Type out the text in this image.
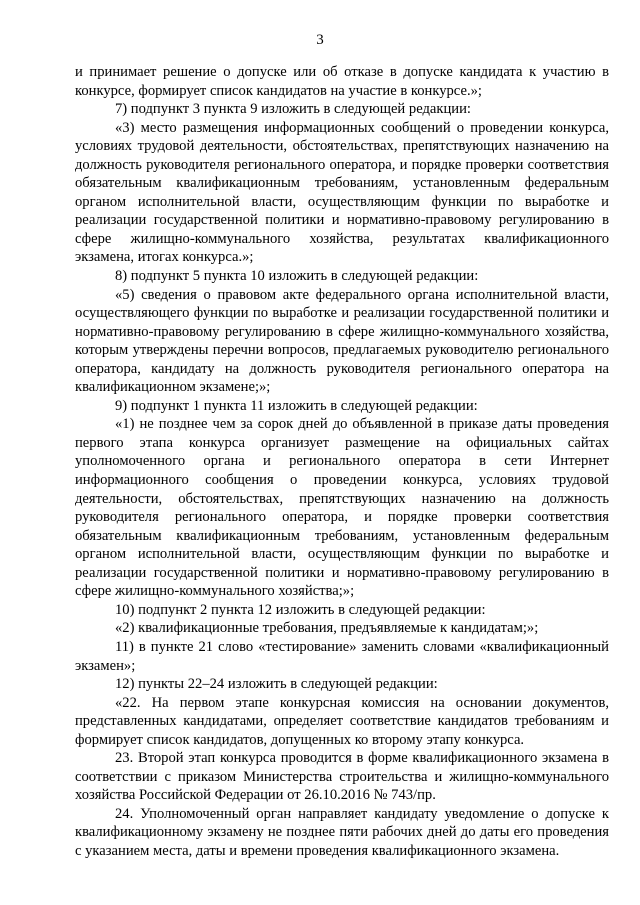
3

и принимает решение о допуске или об отказе в допуске кандидата к участию в конкурсе, формирует список кандидатов на участие в конкурсе.»;

7) подпункт 3 пункта 9 изложить в следующей редакции:

«3) место размещения информационных сообщений о проведении конкурса, условиях трудовой деятельности, обстоятельствах, препятствующих назначению на должность руководителя регионального оператора, и порядке проверки соответствия обязательным квалификационным требованиям, установленным федеральным органом исполнительной власти, осуществляющим функции по выработке и реализации государственной политики и нормативно-правовому регулированию в сфере жилищно-коммунального хозяйства, результатах квалификационного экзамена, итогах конкурса.»;

8) подпункт 5 пункта 10 изложить в следующей редакции:

«5) сведения о правовом акте федерального органа исполнительной власти, осуществляющего функции по выработке и реализации государственной политики и нормативно-правовому регулированию в сфере жилищно-коммунального хозяйства, которым утверждены перечни вопросов, предлагаемых руководителю регионального оператора, кандидату на должность руководителя регионального оператора на квалификационном экзамене;»;

9) подпункт 1 пункта 11 изложить в следующей редакции:

«1) не позднее чем за сорок дней до объявленной в приказе даты проведения первого этапа конкурса организует размещение на официальных сайтах уполномоченного органа и регионального оператора в сети Интернет информационного сообщения о проведении конкурса, условиях трудовой деятельности, обстоятельствах, препятствующих назначению на должность руководителя регионального оператора, и порядке проверки соответствия обязательным квалификационным требованиям, установленным федеральным органом исполнительной власти, осуществляющим функции по выработке и реализации государственной политики и нормативно-правовому регулированию в сфере жилищно-коммунального хозяйства;»;

10) подпункт 2 пункта 12 изложить в следующей редакции:

«2) квалификационные требования, предъявляемые к кандидатам;»;

11) в пункте 21 слово «тестирование» заменить словами «квалификационный экзамен»;

12) пункты 22–24 изложить в следующей редакции:

«22. На первом этапе конкурсная комиссия на основании документов, представленных кандидатами, определяет соответствие кандидатов требованиям и формирует список кандидатов, допущенных ко второму этапу конкурса.

23. Второй этап конкурса проводится в форме квалификационного экзамена в соответствии с приказом Министерства строительства и жилищно-коммунального хозяйства Российской Федерации от 26.10.2016 № 743/пр.

24. Уполномоченный орган направляет кандидату уведомление о допуске к квалификационному экзамену не позднее пяти рабочих дней до даты его проведения с указанием места, даты и времени проведения квалификационного экзамена.
